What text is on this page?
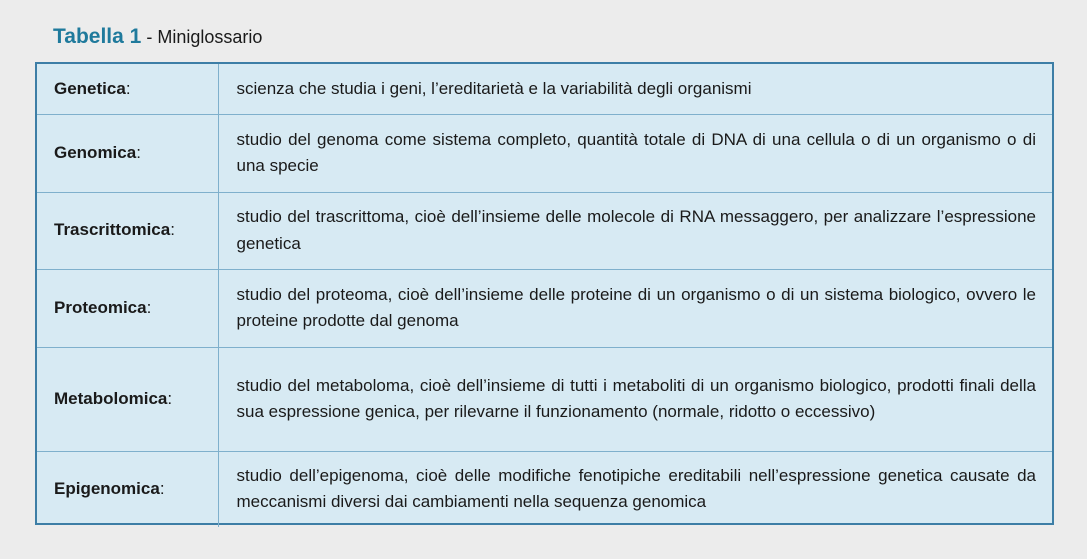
Tabella 1 - Miniglossario
Genetica:	scienza che studia i geni, l’ereditarietà e la variabilità degli organismi
Genomica:	studio del genoma come sistema completo, quantità totale di DNA di una cellula o di un organismo o di una specie
Trascrittomica:	studio del trascrittoma, cioè dell’insieme delle molecole di RNA messaggero, per analizzare l’espressione genetica
Proteomica:	studio del proteoma, cioè dell’insieme delle proteine di un organismo o di un sistema biologico, ovvero le proteine prodotte dal genoma
Metabolomica:	studio del metaboloma, cioè dell’insieme di tutti i metaboliti di un organismo biologico, prodotti finali della sua espressione genica, per rilevarne il funzionamento (normale, ridotto o eccessivo)
Epigenomica:	studio dell’epigenoma, cioè delle modifiche fenotipiche ereditabili nell’espressione genetica causate da meccanismi diversi dai cambiamenti nella sequenza genomica
